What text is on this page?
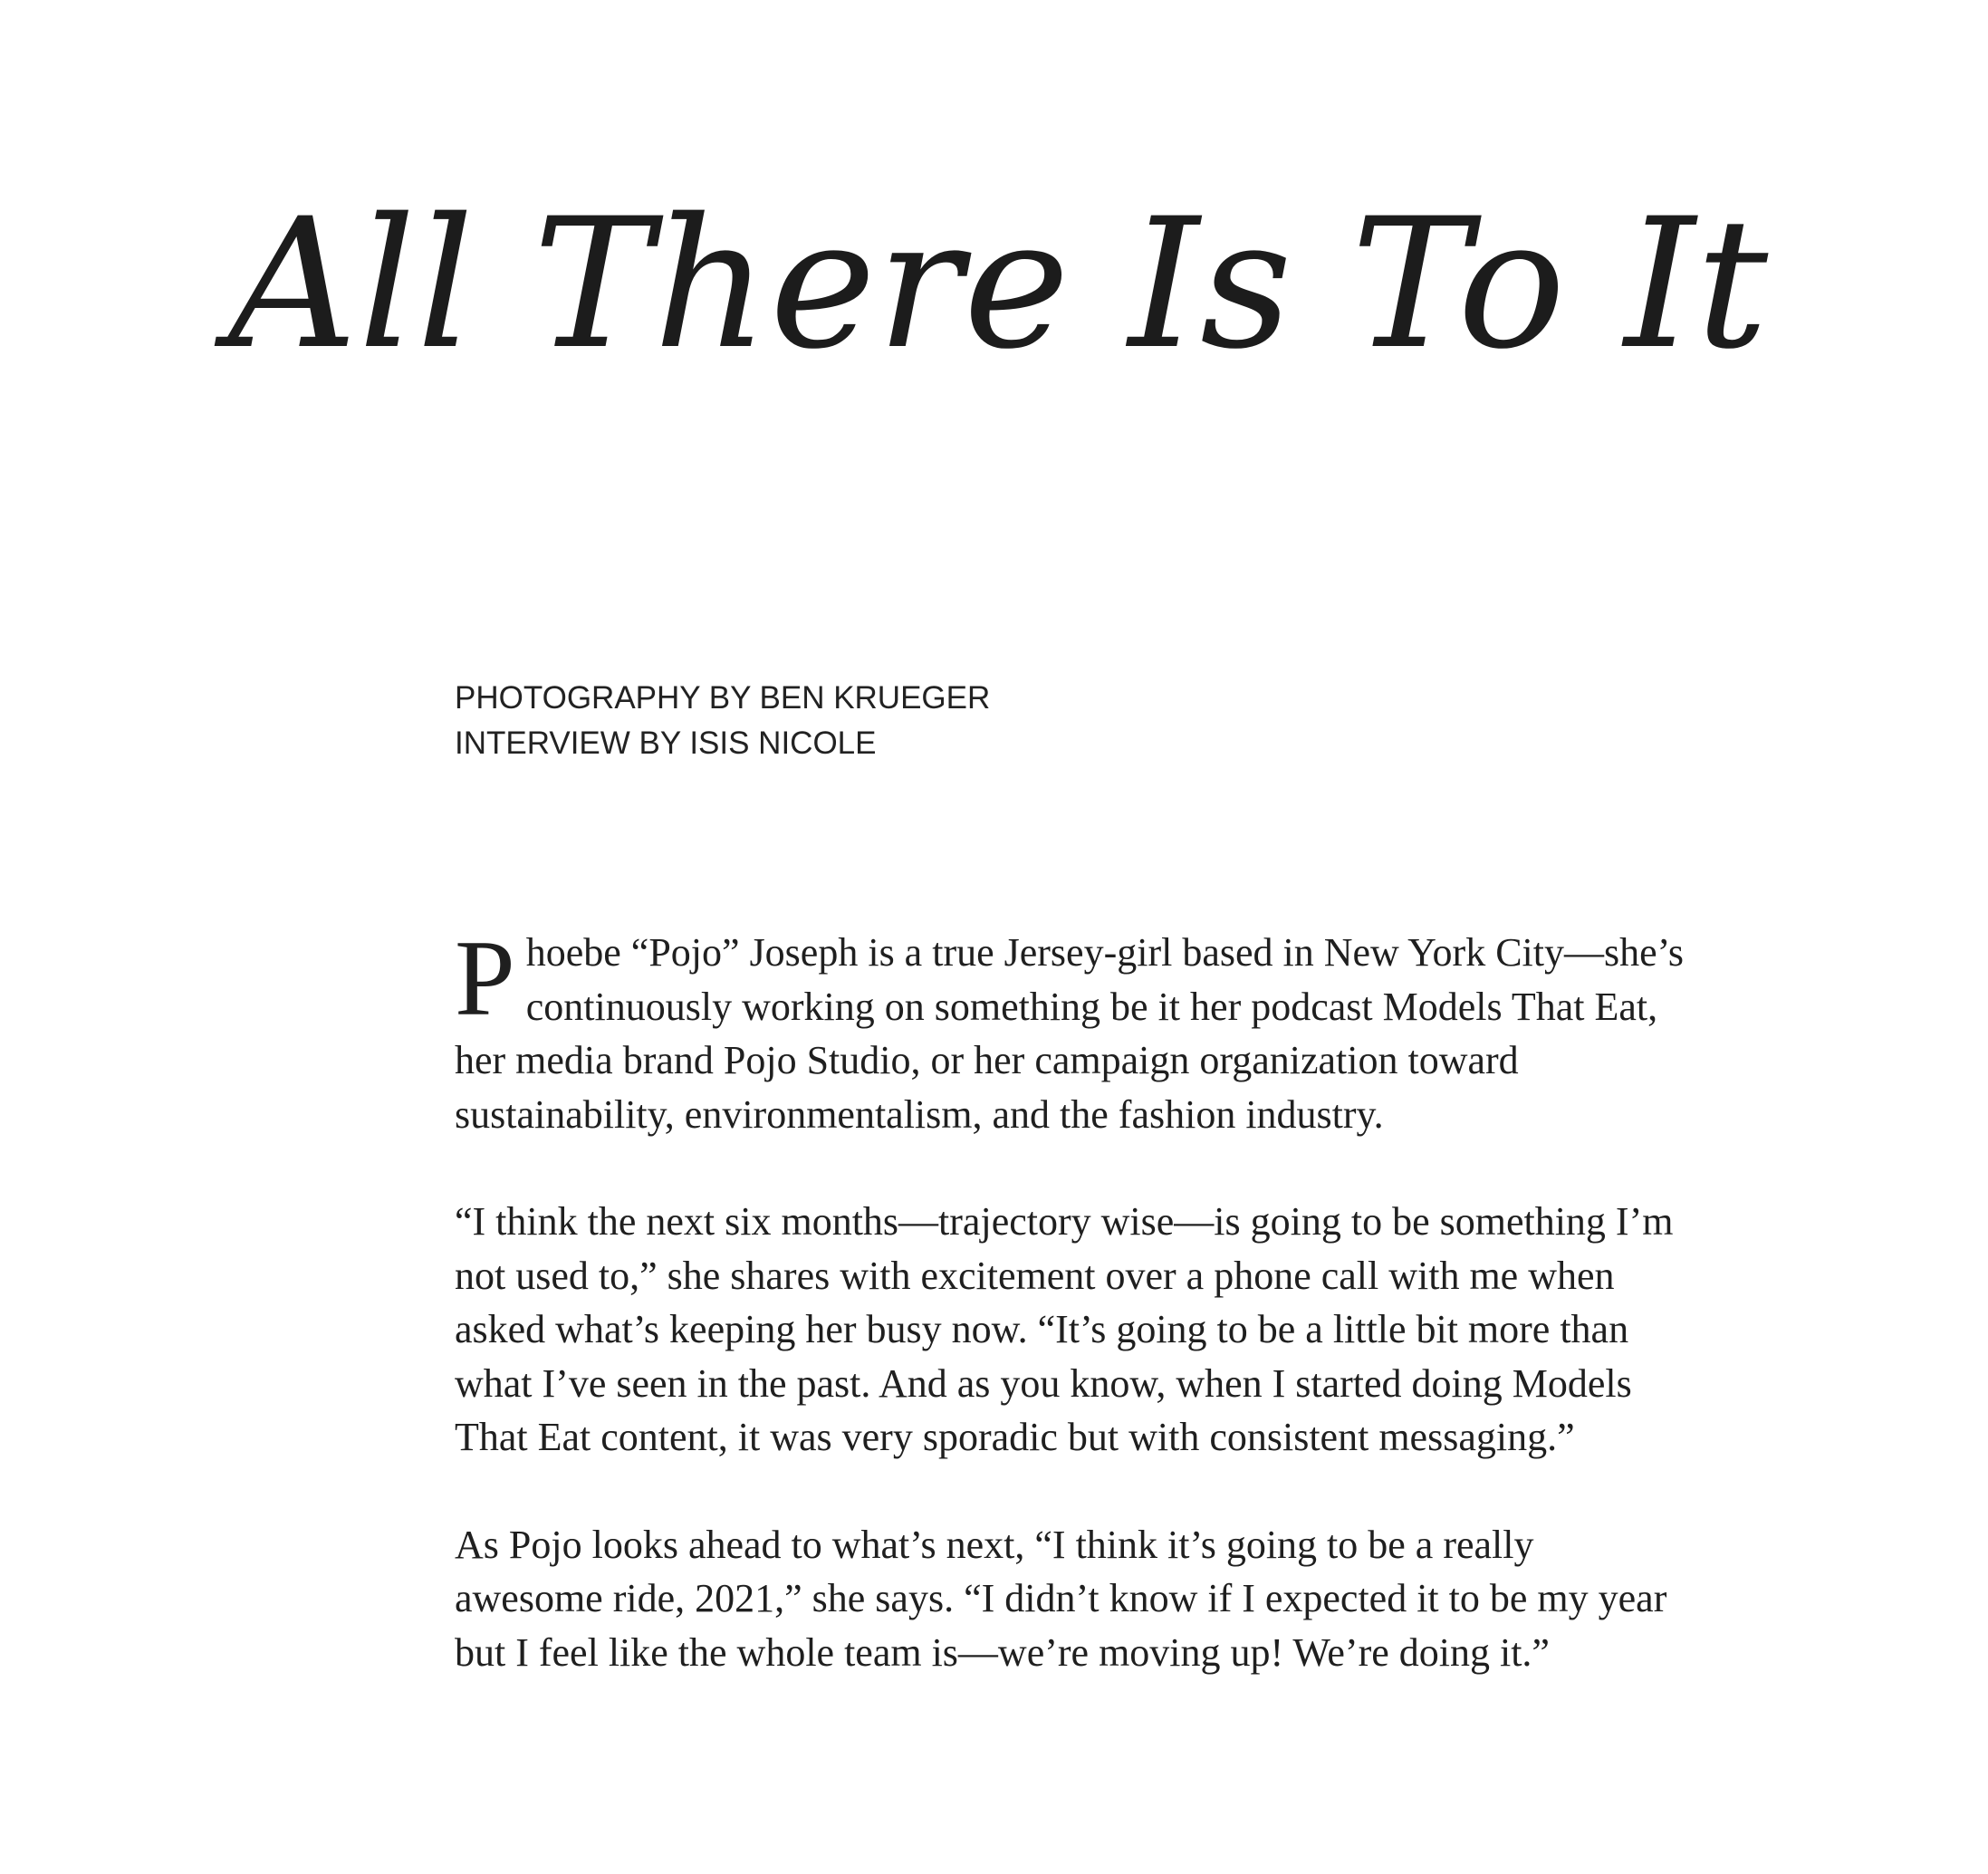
All There Is To It
PHOTOGRAPHY BY BEN KRUEGER
INTERVIEW BY ISIS NICOLE

Phoebe “Pojo” Joseph is a true Jersey-girl based in New York City—she’s continuously working on something be it her podcast Models That Eat, her media brand Pojo Studio, or her campaign organization toward sustainability, environmentalism, and the fashion industry.

“I think the next six months—trajectory wise—is going to be something I’m not used to,” she shares with excitement over a phone call with me when asked what’s keeping her busy now. “It’s going to be a little bit more than what I’ve seen in the past. And as you know, when I started doing Models That Eat content, it was very sporadic but with consistent messaging.”

As Pojo looks ahead to what’s next, “I think it’s going to be a really awesome ride, 2021,” she says. “I didn’t know if I expected it to be my year but I feel like the whole team is—we’re moving up! We’re doing it.”
